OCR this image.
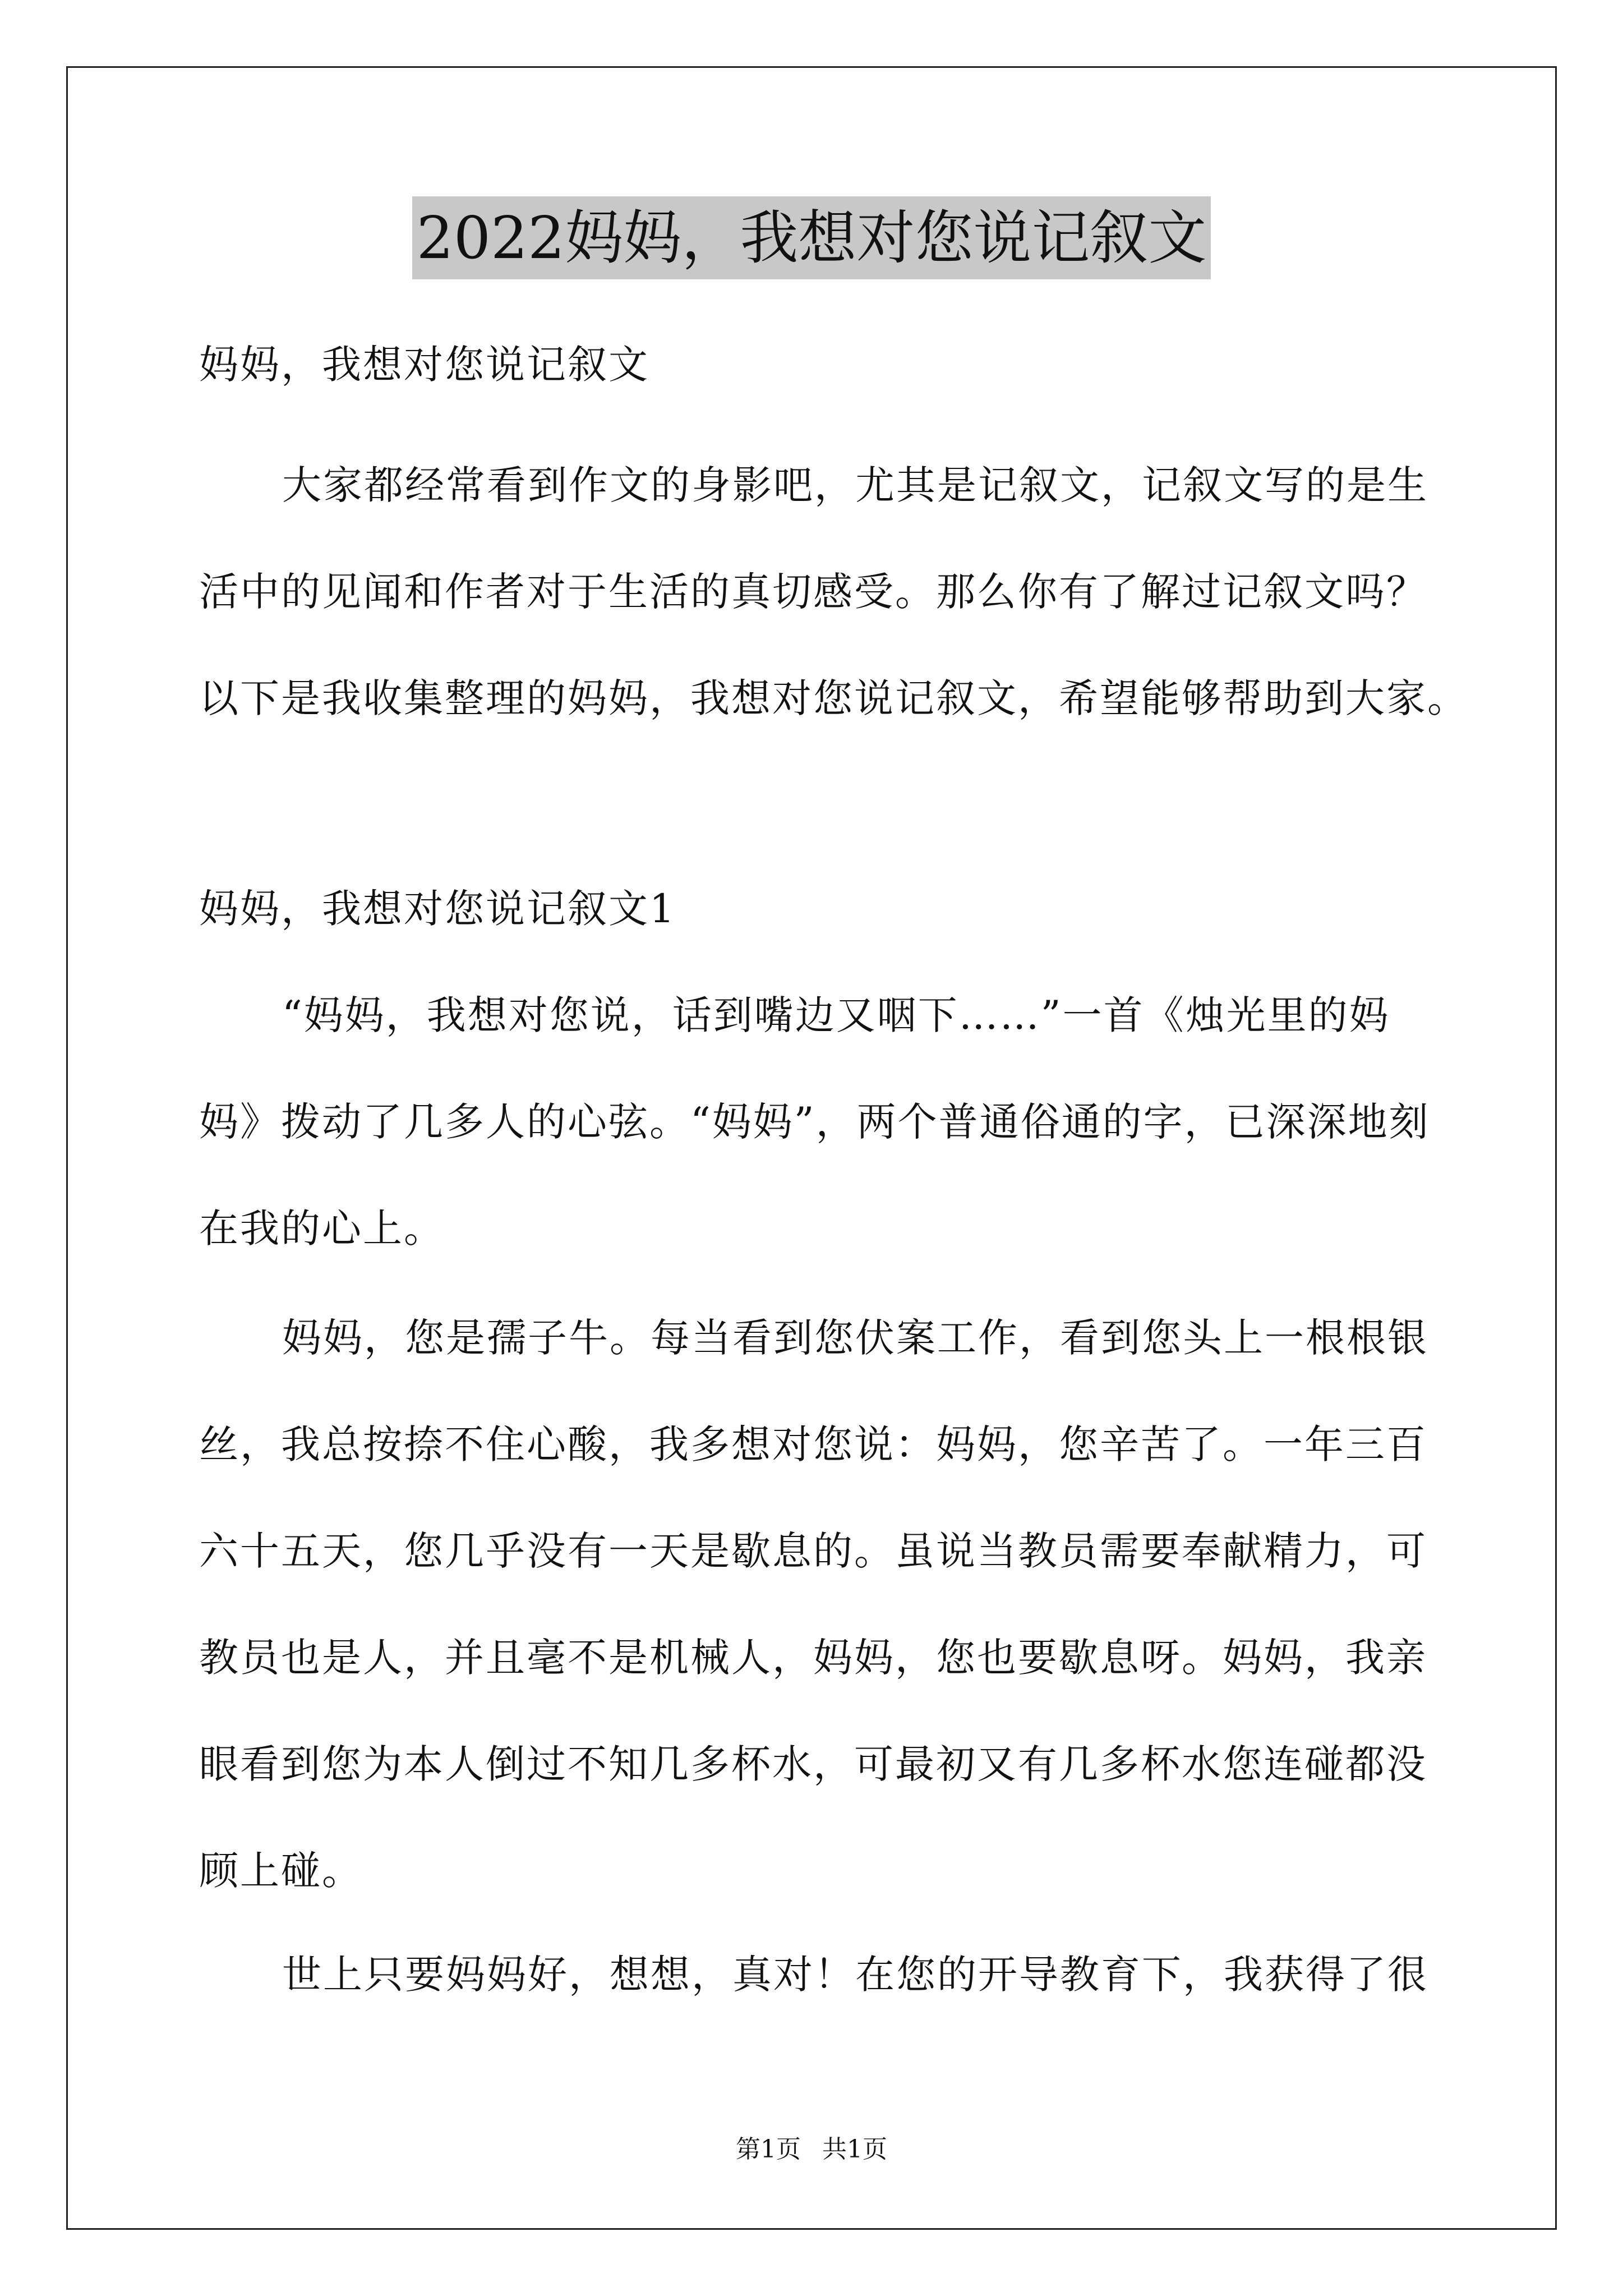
2022妈妈，我想对您说记叙文
妈妈，我想对您说记叙文
大家都经常看到作文的身影吧，尤其是记叙文，记叙文写的是生
活中的见闻和作者对于生活的真切感受。那么你有了解过记叙文吗？
以下是我收集整理的妈妈，我想对您说记叙文，希望能够帮助到大家。
妈妈，我想对您说记叙文1
“妈妈，我想对您说，话到嘴边又咽下……”一首《烛光里的妈
妈》拨动了几多人的心弦。“妈妈”，两个普通俗通的字，已深深地刻
在我的心上。
妈妈，您是孺子牛。每当看到您伏案工作，看到您头上一根根银
丝，我总按捺不住心酸，我多想对您说：妈妈，您辛苦了。一年三百
六十五天，您几乎没有一天是歇息的。虽说当教员需要奉献精力，可
教员也是人，并且毫不是机械人，妈妈，您也要歇息呀。妈妈，我亲
眼看到您为本人倒过不知几多杯水，可最初又有几多杯水您连碰都没
顾上碰。
世上只要妈妈好，想想，真对！在您的开导教育下，我获得了很
第1页 共1页
